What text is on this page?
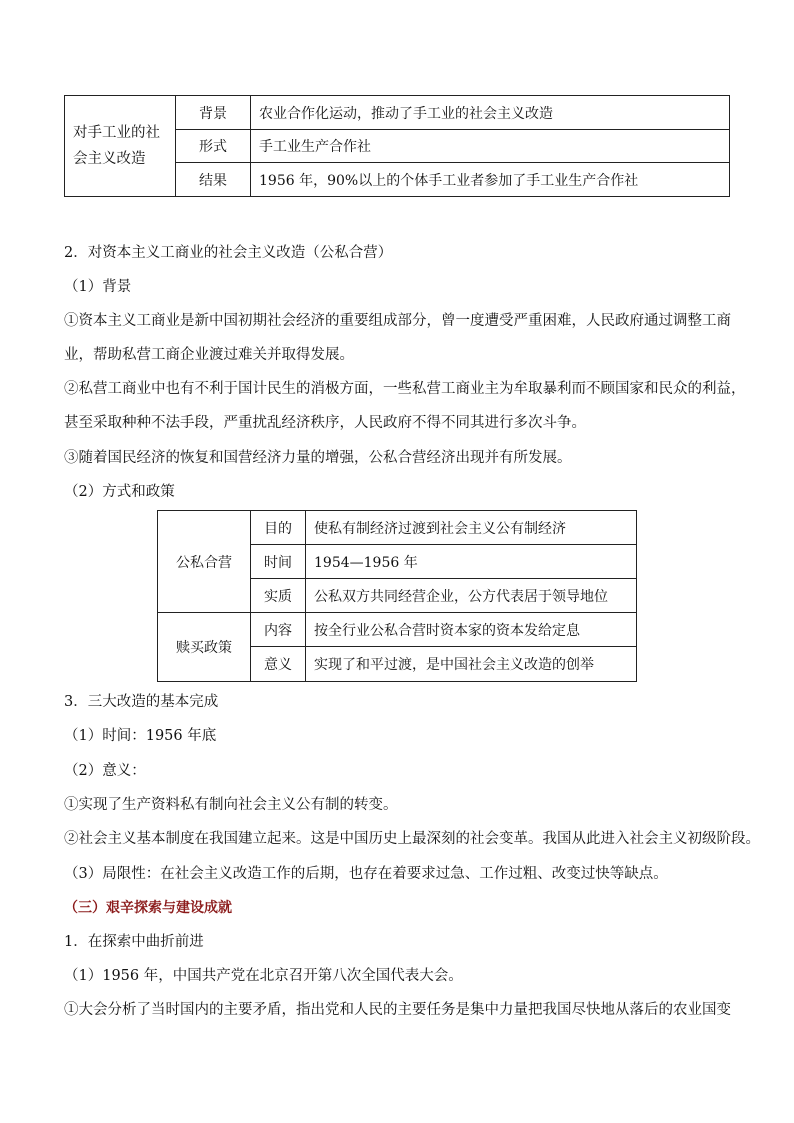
对手工业的社会主义改造	背景	农业合作化运动，推动了手工业的社会主义改造
	形式	手工业生产合作社
	结果	1956 年，90%以上的个体手工业者参加了手工业生产合作社
2．对资本主义工商业的社会主义改造（公私合营）
（1）背景
①资本主义工商业是新中国初期社会经济的重要组成部分，曾一度遭受严重困难，人民政府通过调整工商
业，帮助私营工商企业渡过难关并取得发展。
②私营工商业中也有不利于国计民生的消极方面，一些私营工商业主为牟取暴利而不顾国家和民众的利益，
甚至采取种种不法手段，严重扰乱经济秩序，人民政府不得不同其进行多次斗争。
③随着国民经济的恢复和国营经济力量的增强，公私合营经济出现并有所发展。
（2）方式和政策
公私合营	目的	使私有制经济过渡到社会主义公有制经济
	时间	1954—1956 年
	实质	公私双方共同经营企业，公方代表居于领导地位
赎买政策	内容	按全行业公私合营时资本家的资本发给定息
	意义	实现了和平过渡，是中国社会主义改造的创举
3．三大改造的基本完成
（1）时间：1956 年底
（2）意义：
①实现了生产资料私有制向社会主义公有制的转变。
②社会主义基本制度在我国建立起来。这是中国历史上最深刻的社会变革。我国从此进入社会主义初级阶段。
（3）局限性：在社会主义改造工作的后期，也存在着要求过急、工作过粗、改变过快等缺点。
（三）艰辛探索与建设成就
1．在探索中曲折前进
（1）1956 年，中国共产党在北京召开第八次全国代表大会。
①大会分析了当时国内的主要矛盾，指出党和人民的主要任务是集中力量把我国尽快地从落后的农业国变
